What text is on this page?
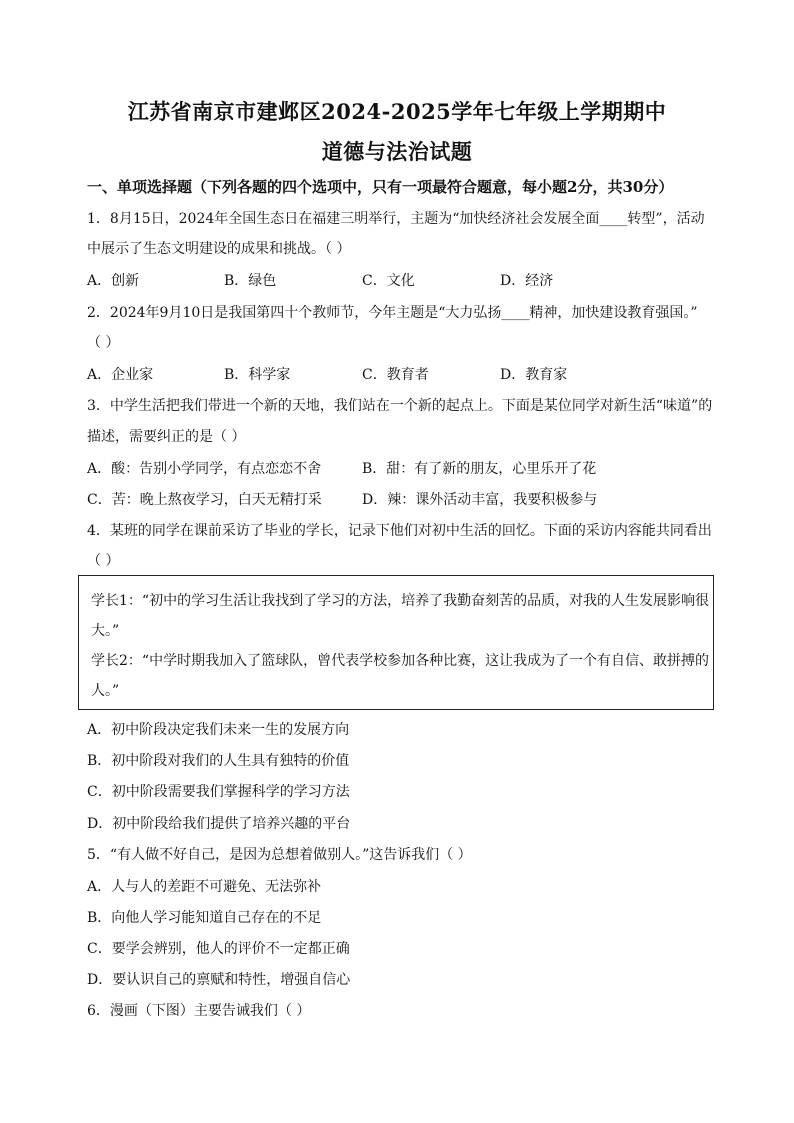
江苏省南京市建邺区2024-2025学年七年级上学期期中
道德与法治试题
一、单项选择题（下列各题的四个选项中，只有一项最符合题意，每小题2分，共30分）
1．8月15日，2024年全国生态日在福建三明举行，主题为“加快经济社会发展全面____转型”，活动
中展示了生态文明建设的成果和挑战。（ ）
A．创新	B．绿色	C．文化	D．经济
2．2024年9月10日是我国第四十个教师节，今年主题是“大力弘扬____精神，加快建设教育强国。”
（ ）
A．企业家	B．科学家	C．教育者	D．教育家
3．中学生活把我们带进一个新的天地，我们站在一个新的起点上。下面是某位同学对新生活“味道”的
描述，需要纠正的是（ ）
A．酸：告别小学同学，有点恋恋不舍	B．甜：有了新的朋友，心里乐开了花
C．苦：晚上熬夜学习，白天无精打采	D．辣：课外活动丰富，我要积极参与
4．某班的同学在课前采访了毕业的学长，记录下他们对初中生活的回忆。下面的采访内容能共同看出
（ ）
学长1：“初中的学习生活让我找到了学习的方法，培养了我勤奋刻苦的品质，对我的人生发展影响很
大。”
学长2：“中学时期我加入了篮球队，曾代表学校参加各种比赛，这让我成为了一个有自信、敢拼搏的
人。”
A．初中阶段决定我们未来一生的发展方向
B．初中阶段对我们的人生具有独特的价值
C．初中阶段需要我们掌握科学的学习方法
D．初中阶段给我们提供了培养兴趣的平台
5．“有人做不好自己，是因为总想着做别人。”这告诉我们（ ）
A．人与人的差距不可避免、无法弥补
B．向他人学习能知道自己存在的不足
C．要学会辨别，他人的评价不一定都正确
D．要认识自己的禀赋和特性，增强自信心
6．漫画（下图）主要告诫我们（ ）
